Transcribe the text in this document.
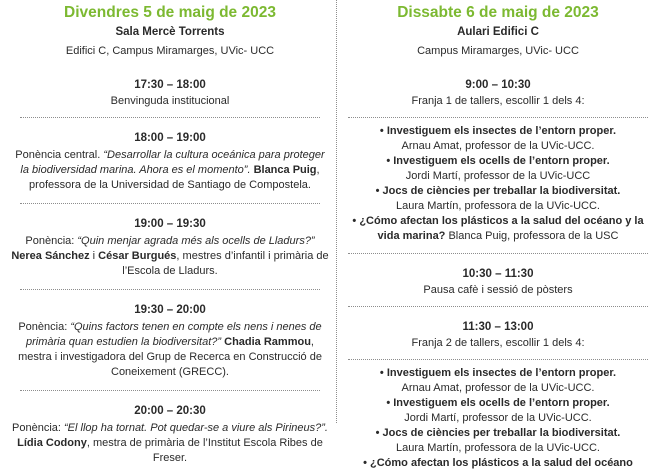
Divendres 5 de maig de 2023
Sala Mercè Torrents
Edifici C, Campus Miramarges, UVic- UCC
17:30 – 18:00
Benvinguda institucional
18:00 – 19:00
Ponència central. “Desarrollar la cultura oceánica para proteger la biodiversidad marina. Ahora es el momento”. Blanca Puig, professora de la Universidad de Santiago de Compostela.
19:00 – 19:30
Ponència: “Quin menjar agrada més als ocells de Lladurs?” Nerea Sánchez i César Burgués, mestres d’infantil i primària de l’Escola de Lladurs.
19:30 – 20:00
Ponència: “Quins factors tenen en compte els nens i nenes de primària quan estudien la biodiversitat?” Chadia Rammou, mestra i investigadora del Grup de Recerca en Construcció de Coneixement (GRECC).
20:00 – 20:30
Ponència: “El llop ha tornat. Pot quedar-se a viure als Pirineus?”. Lídia Codony, mestra de primària de l’Institut Escola Ribes de Freser.
Dissabte 6 de maig de 2023
Aulari Edifici C
Campus Miramarges, UVic- UCC
9:00 – 10:30
Franja 1 de tallers, escollir 1 dels 4:
• Investiguem els insectes de l’entorn proper.
Arnau Amat, professor de la UVic-UCC.
• Investiguem els ocells de l’entorn proper.
Jordi Martí, professor de la UVic-UCC
• Jocs de ciències per treballar la biodiversitat.
Laura Martín, professora de la UVic-UCC.
• ¿Cómo afectan los plásticos a la salud del océano y la vida marina? Blanca Puig, professora de la USC
10:30 – 11:30
Pausa cafè i sessió de pòsters
11:30 – 13:00
Franja 2 de tallers, escollir 1 dels 4:
• Investiguem els insectes de l’entorn proper.
Arnau Amat, professor de la UVic-UCC.
• Investiguem els ocells de l’entorn proper.
Jordi Martí, professor de la UVic-UCC.
• Jocs de ciències per treballar la biodiversitat.
Laura Martín, professora de la UVic-UCC.
• ¿Cómo afectan los plásticos a la salud del océano
